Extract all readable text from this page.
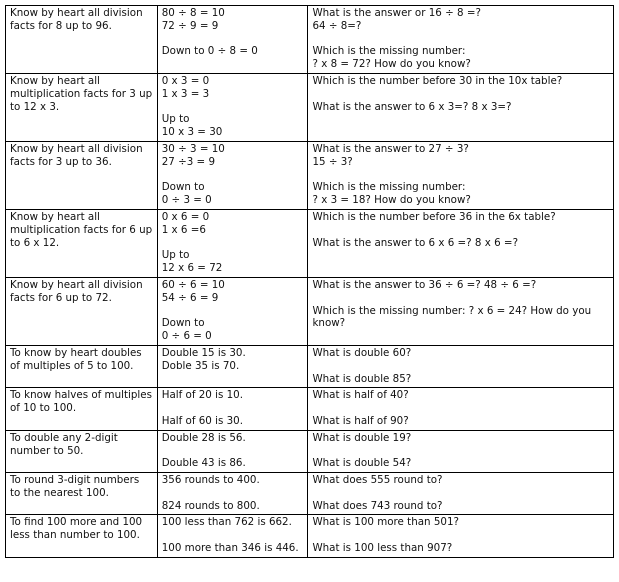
Know by heart all division facts for 8 up to 96.	80 ÷ 8 = 10
72 ÷ 9 = 9
Down to 0 ÷ 8 = 0	What is the answer or 16 ÷ 8 =?
64 ÷ 8=?
Which is the missing number:
? x 8 = 72? How do you know?

Know by heart all multiplication facts for 3 up to 12 x 3.	0 x 3 = 0
1 x 3 = 3
Up to
10 x 3 = 30	Which is the number before 30 in the 10x table?
What is the answer to 6 x 3=? 8 x 3=?

Know by heart all division facts for 3 up to 36.	30 ÷ 3 = 10
27 ÷3 = 9
Down to
0 ÷ 3 = 0	What is the answer to 27 ÷ 3?
15 ÷ 3?
Which is the missing number:
? x 3 = 18? How do you know?

Know by heart all multiplication facts for 6 up to 6 x 12.	0 x 6 = 0
1 x 6 =6
Up to
12 x 6 = 72	Which is the number before 36 in the 6x table?
What is the answer to 6 x 6 =? 8 x 6 =?

Know by heart all division facts for 6 up to 72.	60 ÷ 6 = 10
54 ÷ 6 = 9
Down to
0 ÷ 6 = 0	What is the answer to 36 ÷ 6 =? 48 ÷ 6 =?
Which is the missing number: ? x 6 = 24? How do you know?

To know by heart doubles of multiples of 5 to 100.	Double 15 is 30.
Doble 35 is 70.	What is double 60?
What is double 85?

To know halves of multiples of 10 to 100.	Half of 20 is 10.
Half of 60 is 30.	What is half of 40?
What is half of 90?

To double any 2-digit number to 50.	Double 28 is 56.
Double 43 is 86.	What is double 19?
What is double 54?

To round 3-digit numbers to the nearest 100.	356 rounds to 400.
824 rounds to 800.	What does 555 round to?
What does 743 round to?

To find 100 more and 100 less than number to 100.	100 less than 762 is 662.
100 more than 346 is 446.	What is 100 more than 501?
What is 100 less than 907?
